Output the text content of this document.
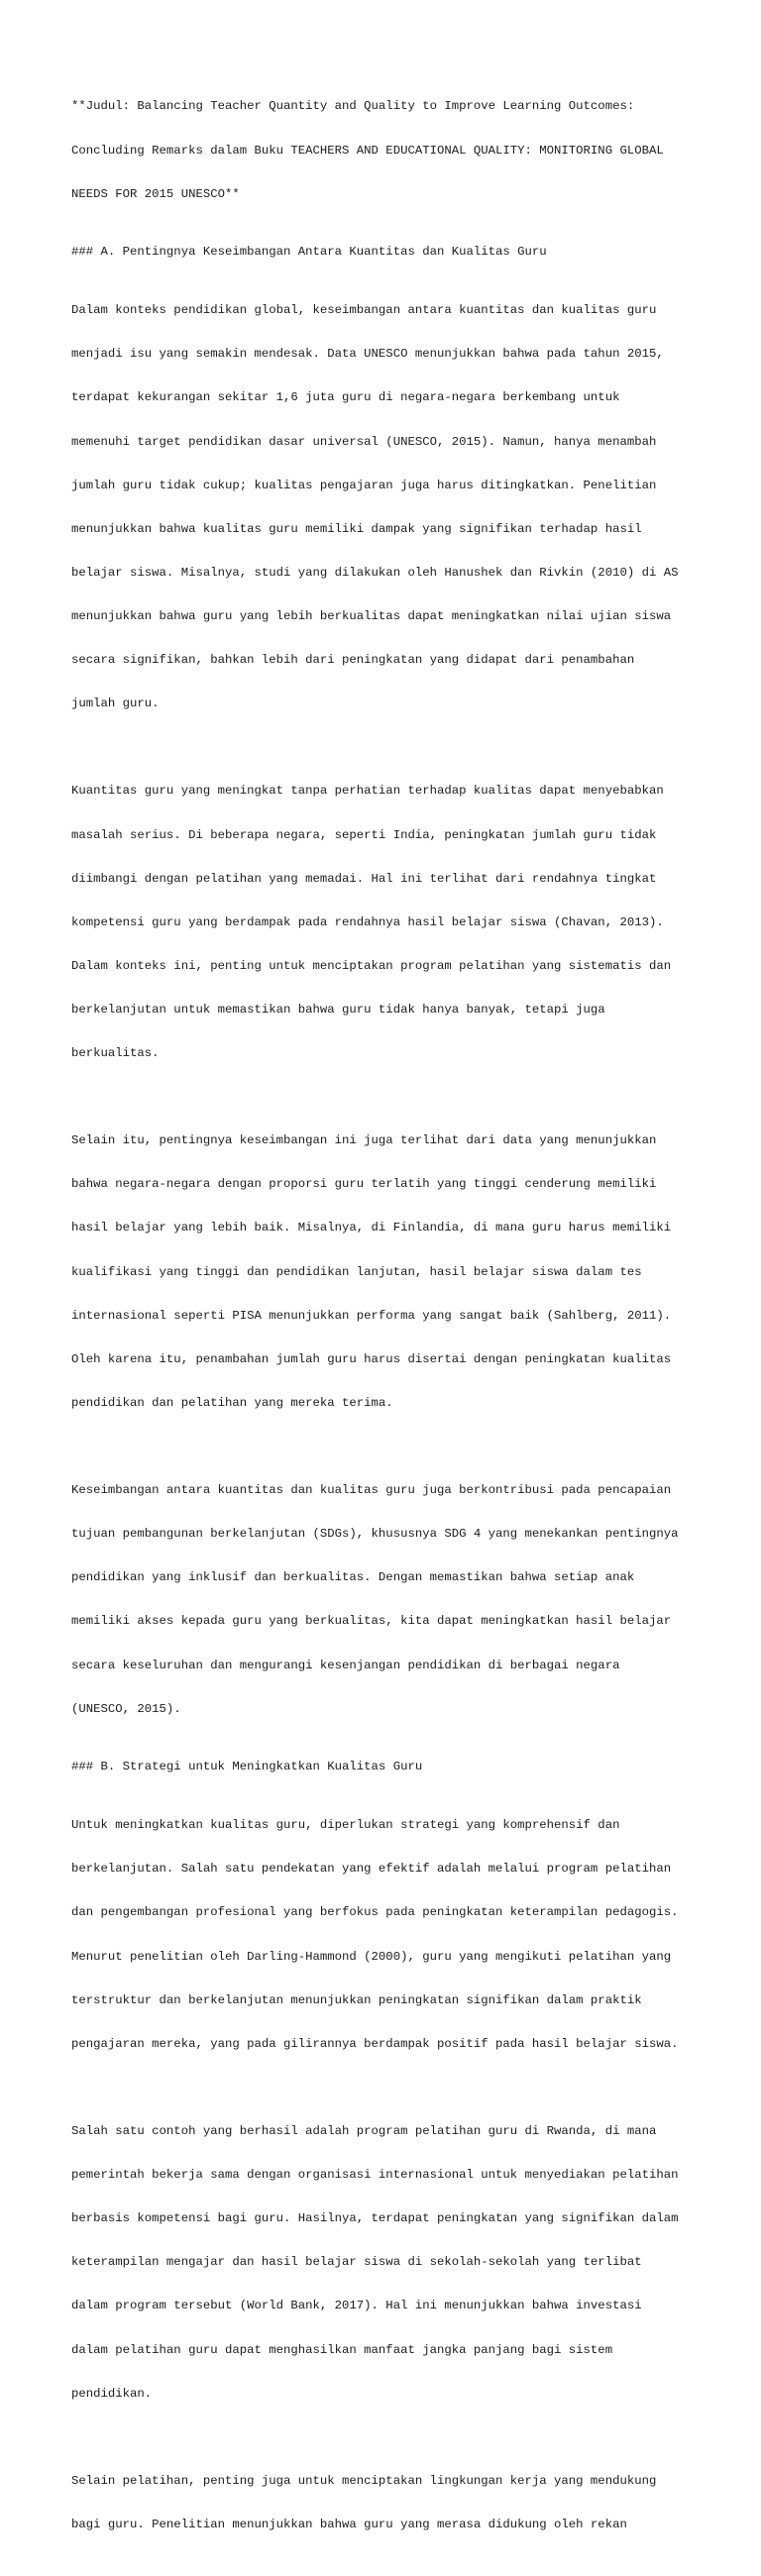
**Judul: Balancing Teacher Quantity and Quality to Improve Learning Outcomes:

Concluding Remarks dalam Buku TEACHERS AND EDUCATIONAL QUALITY: MONITORING GLOBAL

NEEDS FOR 2015 UNESCO**

### A. Pentingnya Keseimbangan Antara Kuantitas dan Kualitas Guru

Dalam konteks pendidikan global, keseimbangan antara kuantitas dan kualitas guru

menjadi isu yang semakin mendesak. Data UNESCO menunjukkan bahwa pada tahun 2015,

terdapat kekurangan sekitar 1,6 juta guru di negara-negara berkembang untuk

memenuhi target pendidikan dasar universal (UNESCO, 2015). Namun, hanya menambah

jumlah guru tidak cukup; kualitas pengajaran juga harus ditingkatkan. Penelitian

menunjukkan bahwa kualitas guru memiliki dampak yang signifikan terhadap hasil

belajar siswa. Misalnya, studi yang dilakukan oleh Hanushek dan Rivkin (2010) di AS

menunjukkan bahwa guru yang lebih berkualitas dapat meningkatkan nilai ujian siswa

secara signifikan, bahkan lebih dari peningkatan yang didapat dari penambahan

jumlah guru.

Kuantitas guru yang meningkat tanpa perhatian terhadap kualitas dapat menyebabkan

masalah serius. Di beberapa negara, seperti India, peningkatan jumlah guru tidak

diimbangi dengan pelatihan yang memadai. Hal ini terlihat dari rendahnya tingkat

kompetensi guru yang berdampak pada rendahnya hasil belajar siswa (Chavan, 2013).

Dalam konteks ini, penting untuk menciptakan program pelatihan yang sistematis dan

berkelanjutan untuk memastikan bahwa guru tidak hanya banyak, tetapi juga

berkualitas.

Selain itu, pentingnya keseimbangan ini juga terlihat dari data yang menunjukkan

bahwa negara-negara dengan proporsi guru terlatih yang tinggi cenderung memiliki

hasil belajar yang lebih baik. Misalnya, di Finlandia, di mana guru harus memiliki

kualifikasi yang tinggi dan pendidikan lanjutan, hasil belajar siswa dalam tes

internasional seperti PISA menunjukkan performa yang sangat baik (Sahlberg, 2011).

Oleh karena itu, penambahan jumlah guru harus disertai dengan peningkatan kualitas

pendidikan dan pelatihan yang mereka terima.

Keseimbangan antara kuantitas dan kualitas guru juga berkontribusi pada pencapaian

tujuan pembangunan berkelanjutan (SDGs), khususnya SDG 4 yang menekankan pentingnya

pendidikan yang inklusif dan berkualitas. Dengan memastikan bahwa setiap anak

memiliki akses kepada guru yang berkualitas, kita dapat meningkatkan hasil belajar

secara keseluruhan dan mengurangi kesenjangan pendidikan di berbagai negara

(UNESCO, 2015).

### B. Strategi untuk Meningkatkan Kualitas Guru

Untuk meningkatkan kualitas guru, diperlukan strategi yang komprehensif dan

berkelanjutan. Salah satu pendekatan yang efektif adalah melalui program pelatihan

dan pengembangan profesional yang berfokus pada peningkatan keterampilan pedagogis.

Menurut penelitian oleh Darling-Hammond (2000), guru yang mengikuti pelatihan yang

terstruktur dan berkelanjutan menunjukkan peningkatan signifikan dalam praktik

pengajaran mereka, yang pada gilirannya berdampak positif pada hasil belajar siswa.

Salah satu contoh yang berhasil adalah program pelatihan guru di Rwanda, di mana

pemerintah bekerja sama dengan organisasi internasional untuk menyediakan pelatihan

berbasis kompetensi bagi guru. Hasilnya, terdapat peningkatan yang signifikan dalam

keterampilan mengajar dan hasil belajar siswa di sekolah-sekolah yang terlibat

dalam program tersebut (World Bank, 2017). Hal ini menunjukkan bahwa investasi

dalam pelatihan guru dapat menghasilkan manfaat jangka panjang bagi sistem

pendidikan.

Selain pelatihan, penting juga untuk menciptakan lingkungan kerja yang mendukung

bagi guru. Penelitian menunjukkan bahwa guru yang merasa didukung oleh rekan
